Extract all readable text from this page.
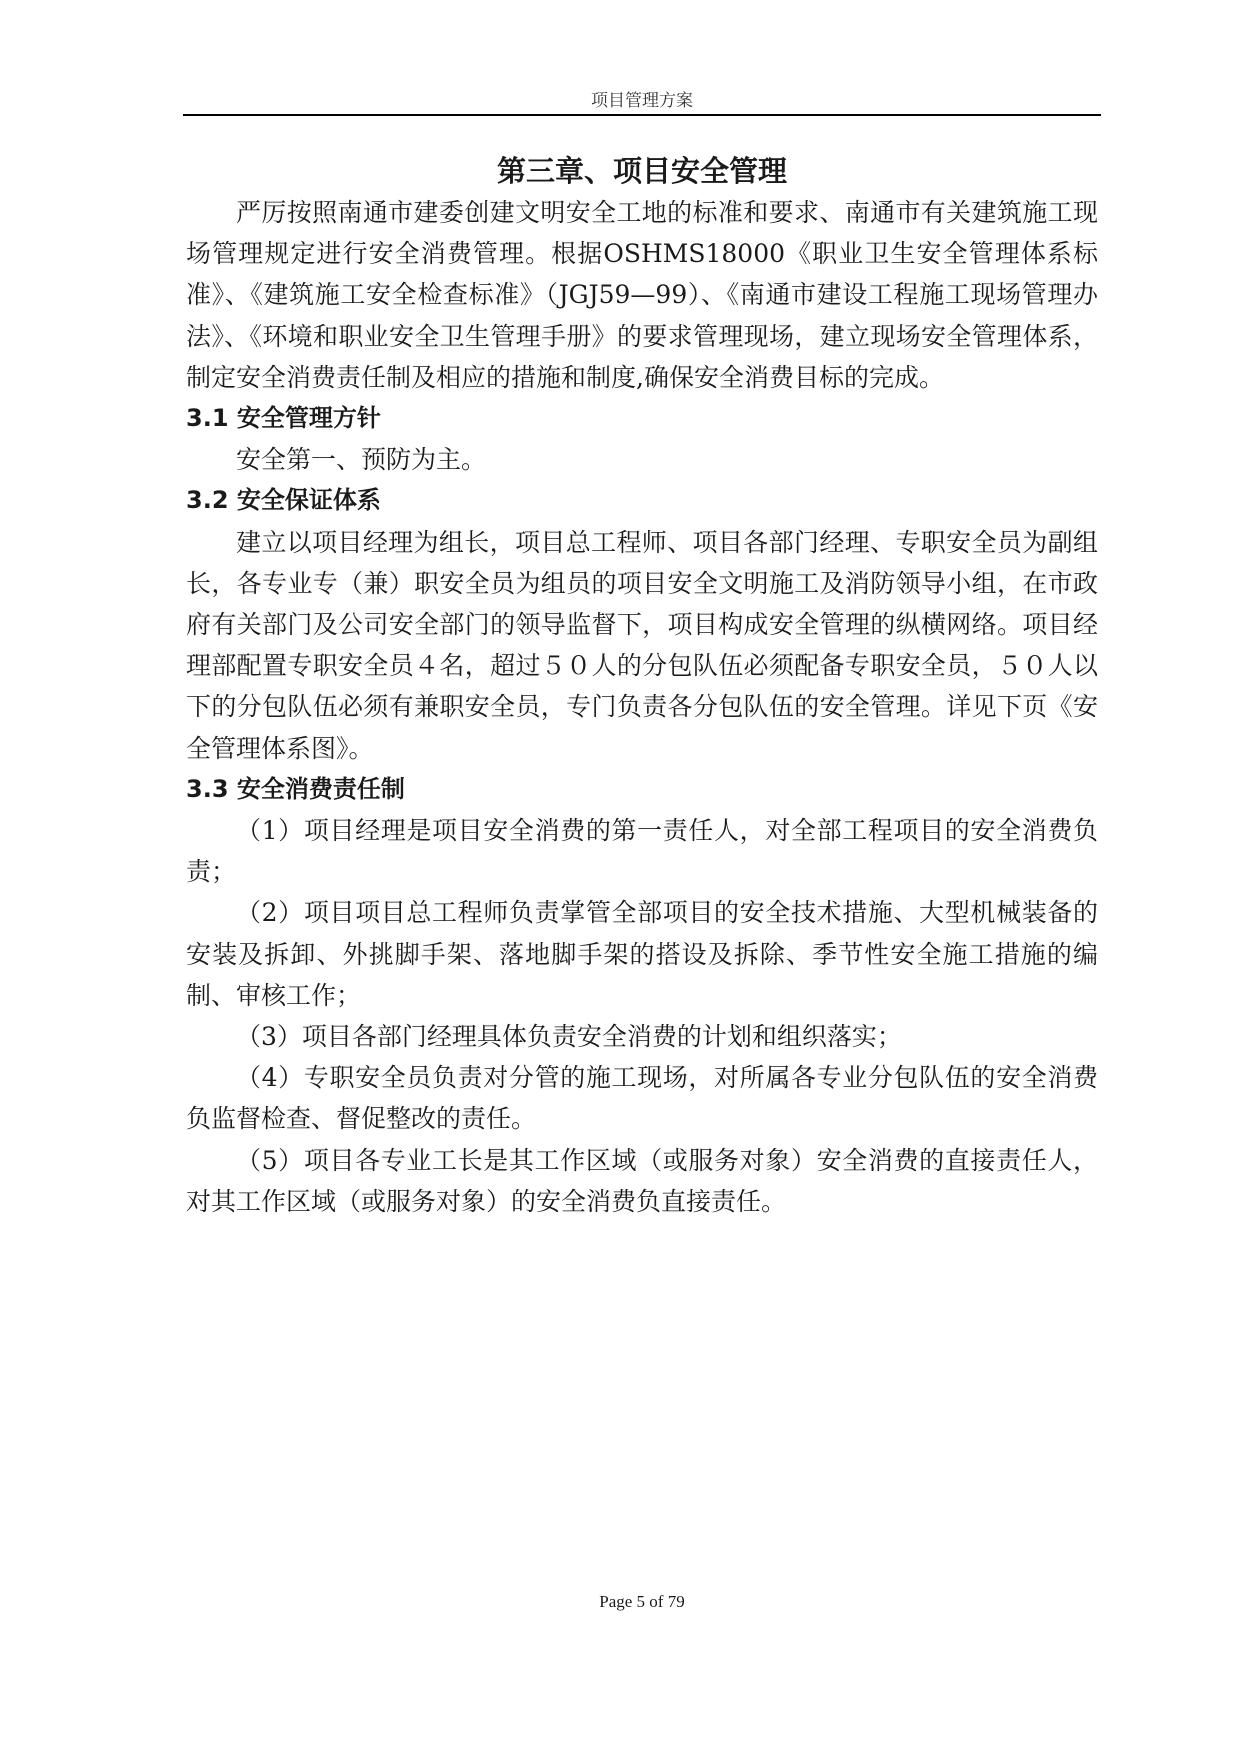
项目管理方案
第三章、项目安全管理

严厉按照南通市建委创建文明安全工地的标准和要求、南通市有关建筑施工现场管理规定进行安全消费管理。根据OSHMS18000《职业卫生安全管理体系标准》、《建筑施工安全检查标准》（JGJ59—99）、《南通市建设工程施工现场管理办法》、《环境和职业安全卫生管理手册》的要求管理现场，建立现场安全管理体系，制定安全消费责任制及相应的措施和制度,确保安全消费目标的完成。

3.1 安全管理方针

安全第一、预防为主。

3.2 安全保证体系

建立以项目经理为组长，项目总工程师、项目各部门经理、专职安全员为副组长，各专业专（兼）职安全员为组员的项目安全文明施工及消防领导小组，在市政府有关部门及公司安全部门的领导监督下，项目构成安全管理的纵横网络。项目经理部配置专职安全员４名，超过５０人的分包队伍必须配备专职安全员，５０人以下的分包队伍必须有兼职安全员，专门负责各分包队伍的安全管理。详见下页《安全管理体系图》。

3.3 安全消费责任制

（1）项目经理是项目安全消费的第一责任人，对全部工程项目的安全消费负责；

（2）项目项目总工程师负责掌管全部项目的安全技术措施、大型机械装备的安装及拆卸、外挑脚手架、落地脚手架的搭设及拆除、季节性安全施工措施的编制、审核工作；

（3）项目各部门经理具体负责安全消费的计划和组织落实；

（4）专职安全员负责对分管的施工现场，对所属各专业分包队伍的安全消费负监督检查、督促整改的责任。

（5）项目各专业工长是其工作区域（或服务对象）安全消费的直接责任人，对其工作区域（或服务对象）的安全消费负直接责任。

Page 5 of 79
